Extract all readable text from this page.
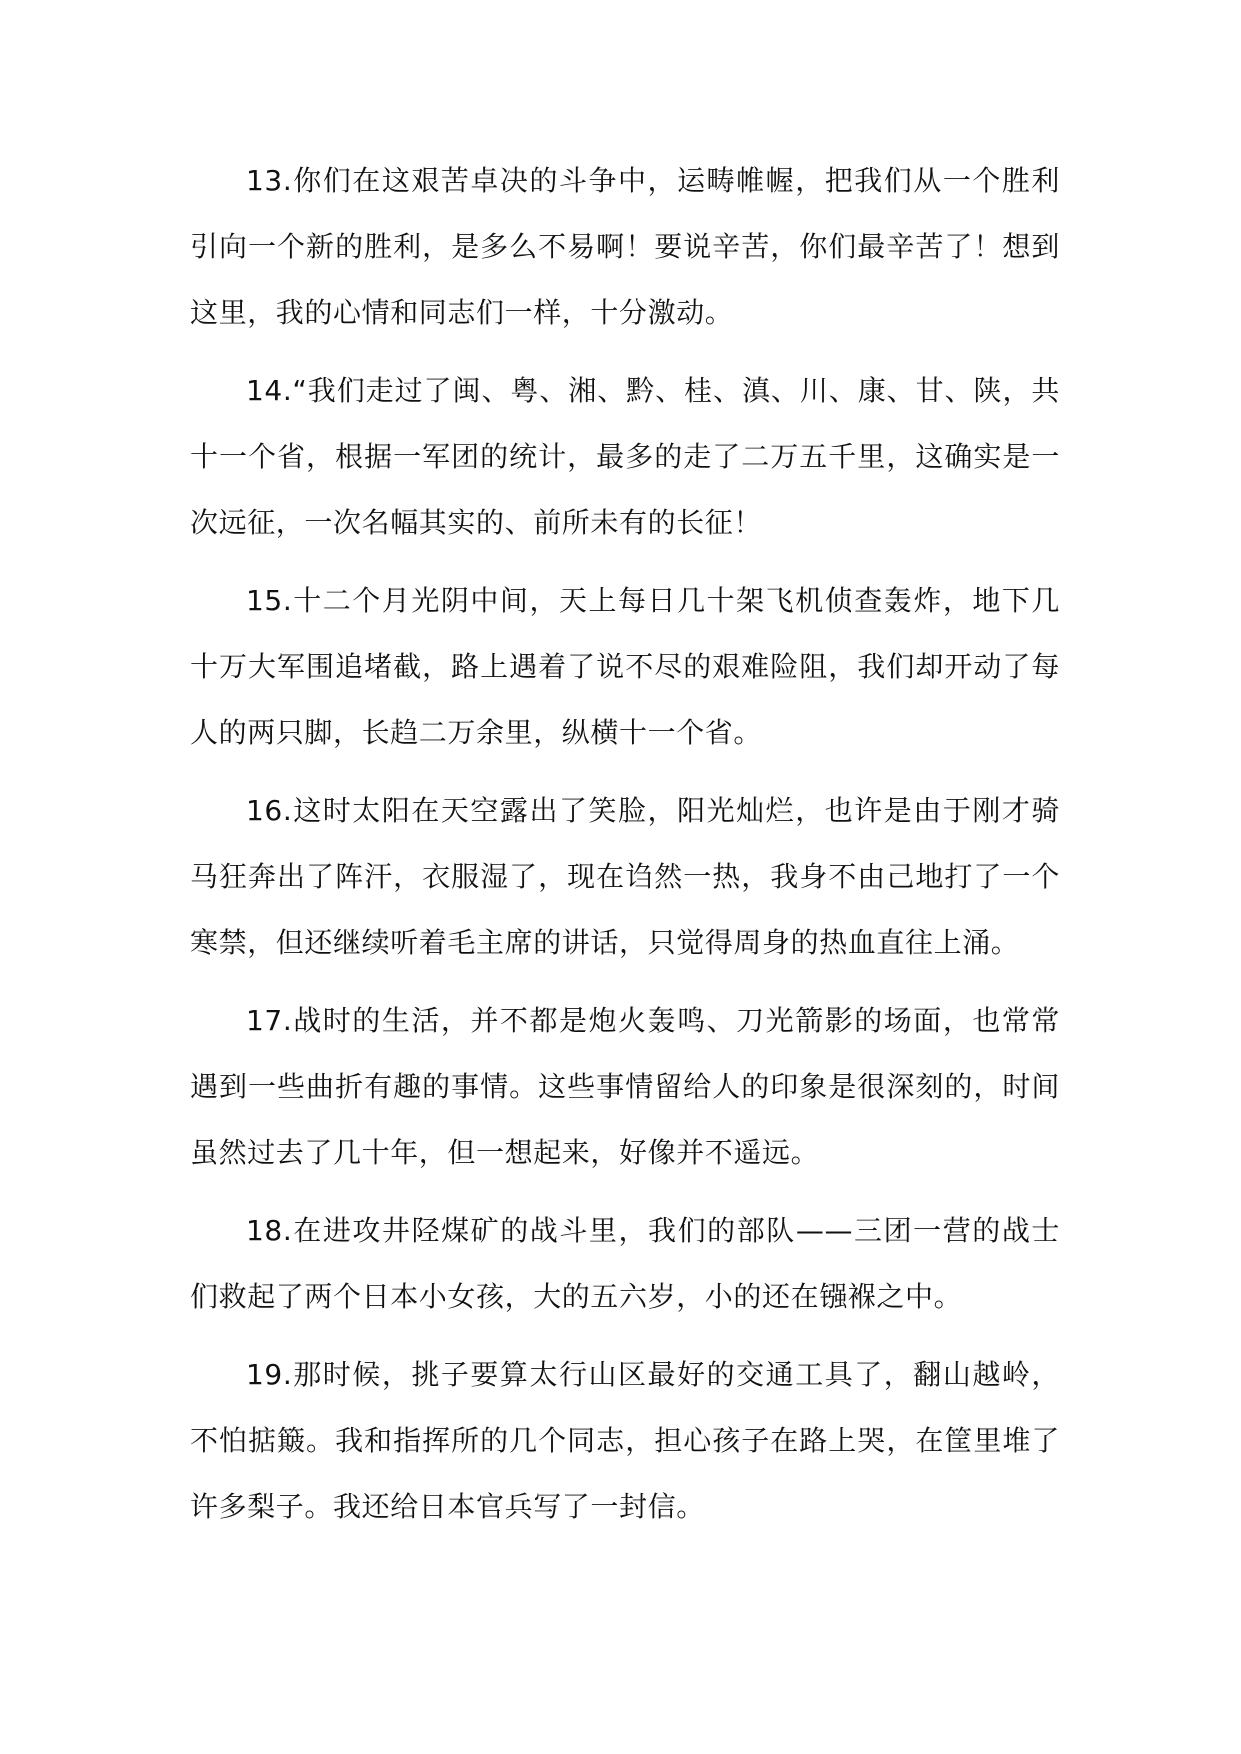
13.你们在这艰苦卓决的斗争中，运畴帷幄，把我们从一个胜利引向一个新的胜利，是多么不易啊！要说辛苦，你们最辛苦了！想到这里，我的心情和同志们一样，十分激动。

14.“我们走过了闽、粤、湘、黔、桂、滇、川、康、甘、陕，共十一个省，根据一军团的统计，最多的走了二万五千里，这确实是一次远征，一次名幅其实的、前所未有的长征！

15.十二个月光阴中间，天上每日几十架飞机侦查轰炸，地下几十万大军围追堵截，路上遇着了说不尽的艰难险阻，我们却开动了每人的两只脚，长趋二万余里，纵横十一个省。

16.这时太阳在天空露出了笑脸，阳光灿烂，也许是由于刚才骑马狂奔出了阵汗，衣服湿了，现在诌然一热，我身不由己地打了一个寒禁，但还继续听着毛主席的讲话，只觉得周身的热血直往上涌。

17.战时的生活，并不都是炮火轰鸣、刀光箭影的场面，也常常遇到一些曲折有趣的事情。这些事情留给人的印象是很深刻的，时间虽然过去了几十年，但一想起来，好像并不遥远。

18.在进攻井陉煤矿的战斗里，我们的部队——三团一营的战士们救起了两个日本小女孩，大的五六岁，小的还在镪褓之中。

19.那时候，挑子要算太行山区最好的交通工具了，翻山越岭，不怕掂簸。我和指挥所的几个同志，担心孩子在路上哭，在筐里堆了许多梨子。我还给日本官兵写了一封信。
